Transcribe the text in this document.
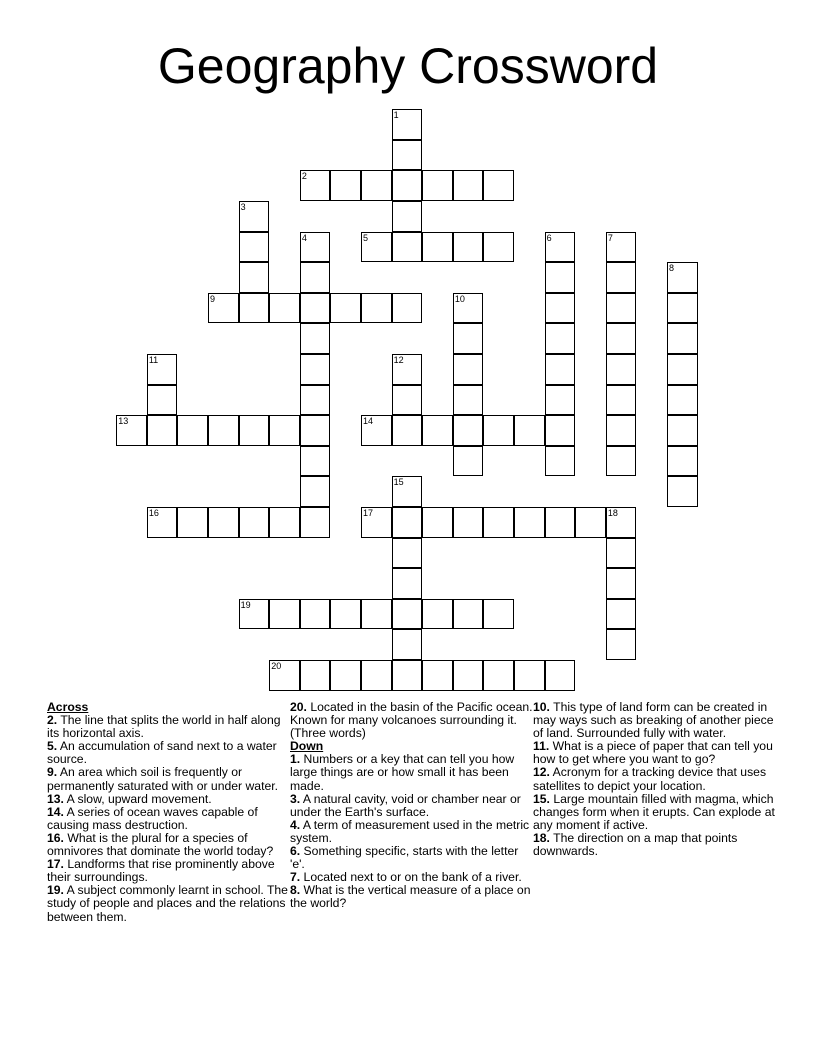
Geography Crossword
1
2
3
4	5	6	7
8
9	10
11	12
13	14
15
16	17	18
19
20
Across
2. The line that splits the world in half along its horizontal axis.
5. An accumulation of sand next to a water source.
9. An area which soil is frequently or permanently saturated with or under water.
13. A slow, upward movement.
14. A series of ocean waves capable of causing mass destruction.
16. What is the plural for a species of omnivores that dominate the world today?
17. Landforms that rise prominently above their surroundings.
19. A subject commonly learnt in school. The study of people and places and the relations between them.
20. Located in the basin of the Pacific ocean. Known for many volcanoes surrounding it. (Three words)
Down
1. Numbers or a key that can tell you how large things are or how small it has been made.
3. A natural cavity, void or chamber near or under the Earth's surface.
4. A term of measurement used in the metric system.
6. Something specific, starts with the letter 'e'.
7. Located next to or on the bank of a river.
8. What is the vertical measure of a place on the world?
10. This type of land form can be created in may ways such as breaking of another piece of land. Surrounded fully with water.
11. What is a piece of paper that can tell you how to get where you want to go?
12. Acronym for a tracking device that uses satellites to depict your location.
15. Large mountain filled with magma, which changes form when it erupts. Can explode at any moment if active.
18. The direction on a map that points downwards.
